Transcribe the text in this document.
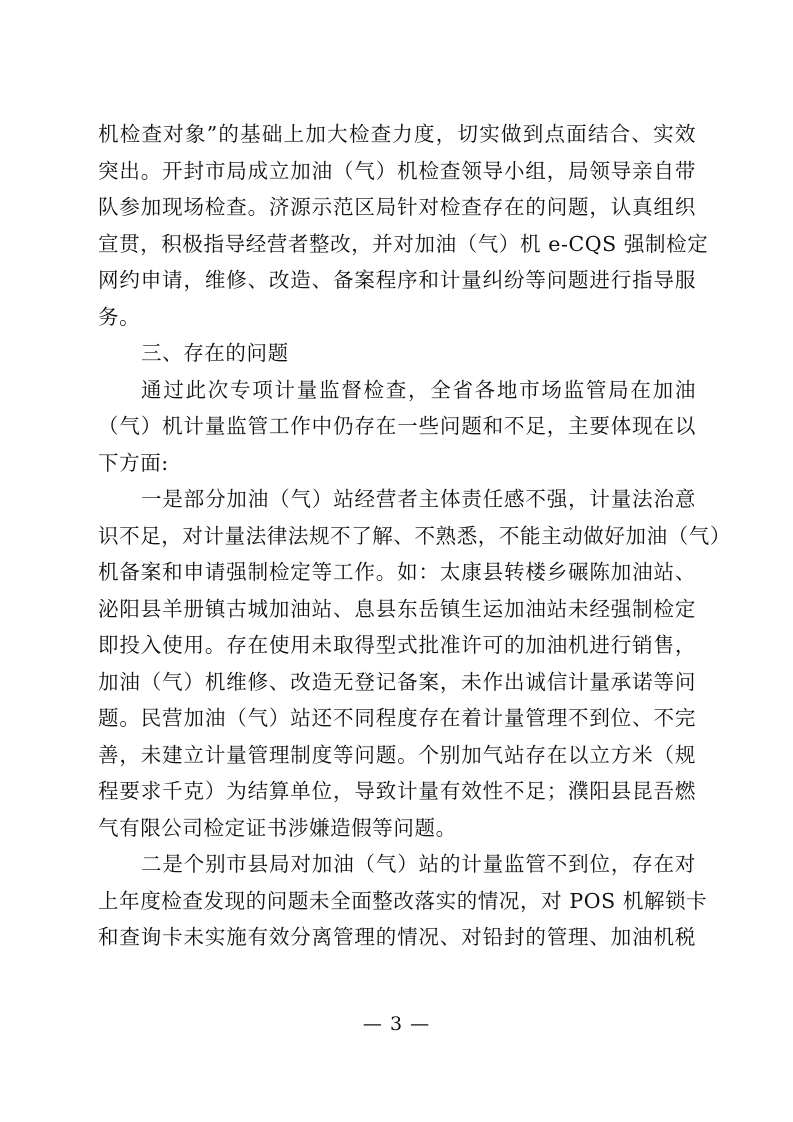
机检查对象”的基础上加大检查力度，切实做到点面结合、实效
突出。开封市局成立加油（气）机检查领导小组，局领导亲自带
队参加现场检查。济源示范区局针对检查存在的问题，认真组织
宣贯，积极指导经营者整改，并对加油（气）机 e-CQS 强制检定
网约申请，维修、改造、备案程序和计量纠纷等问题进行指导服
务。
三、存在的问题
通过此次专项计量监督检查，全省各地市场监管局在加油
（气）机计量监管工作中仍存在一些问题和不足，主要体现在以
下方面:
一是部分加油（气）站经营者主体责任感不强，计量法治意
识不足，对计量法律法规不了解、不熟悉，不能主动做好加油（气）
机备案和申请强制检定等工作。如：太康县转楼乡碾陈加油站、
泌阳县羊册镇古城加油站、息县东岳镇生运加油站未经强制检定
即投入使用。存在使用未取得型式批准许可的加油机进行销售，
加油（气）机维修、改造无登记备案，未作出诚信计量承诺等问
题。民营加油（气）站还不同程度存在着计量管理不到位、不完
善，未建立计量管理制度等问题。个别加气站存在以立方米（规
程要求千克）为结算单位，导致计量有效性不足；濮阳县昆吾燃
气有限公司检定证书涉嫌造假等问题。
二是个别市县局对加油（气）站的计量监管不到位，存在对
上年度检查发现的问题未全面整改落实的情况，对 POS 机解锁卡
和查询卡未实施有效分离管理的情况、对铅封的管理、加油机税
— 3 —
